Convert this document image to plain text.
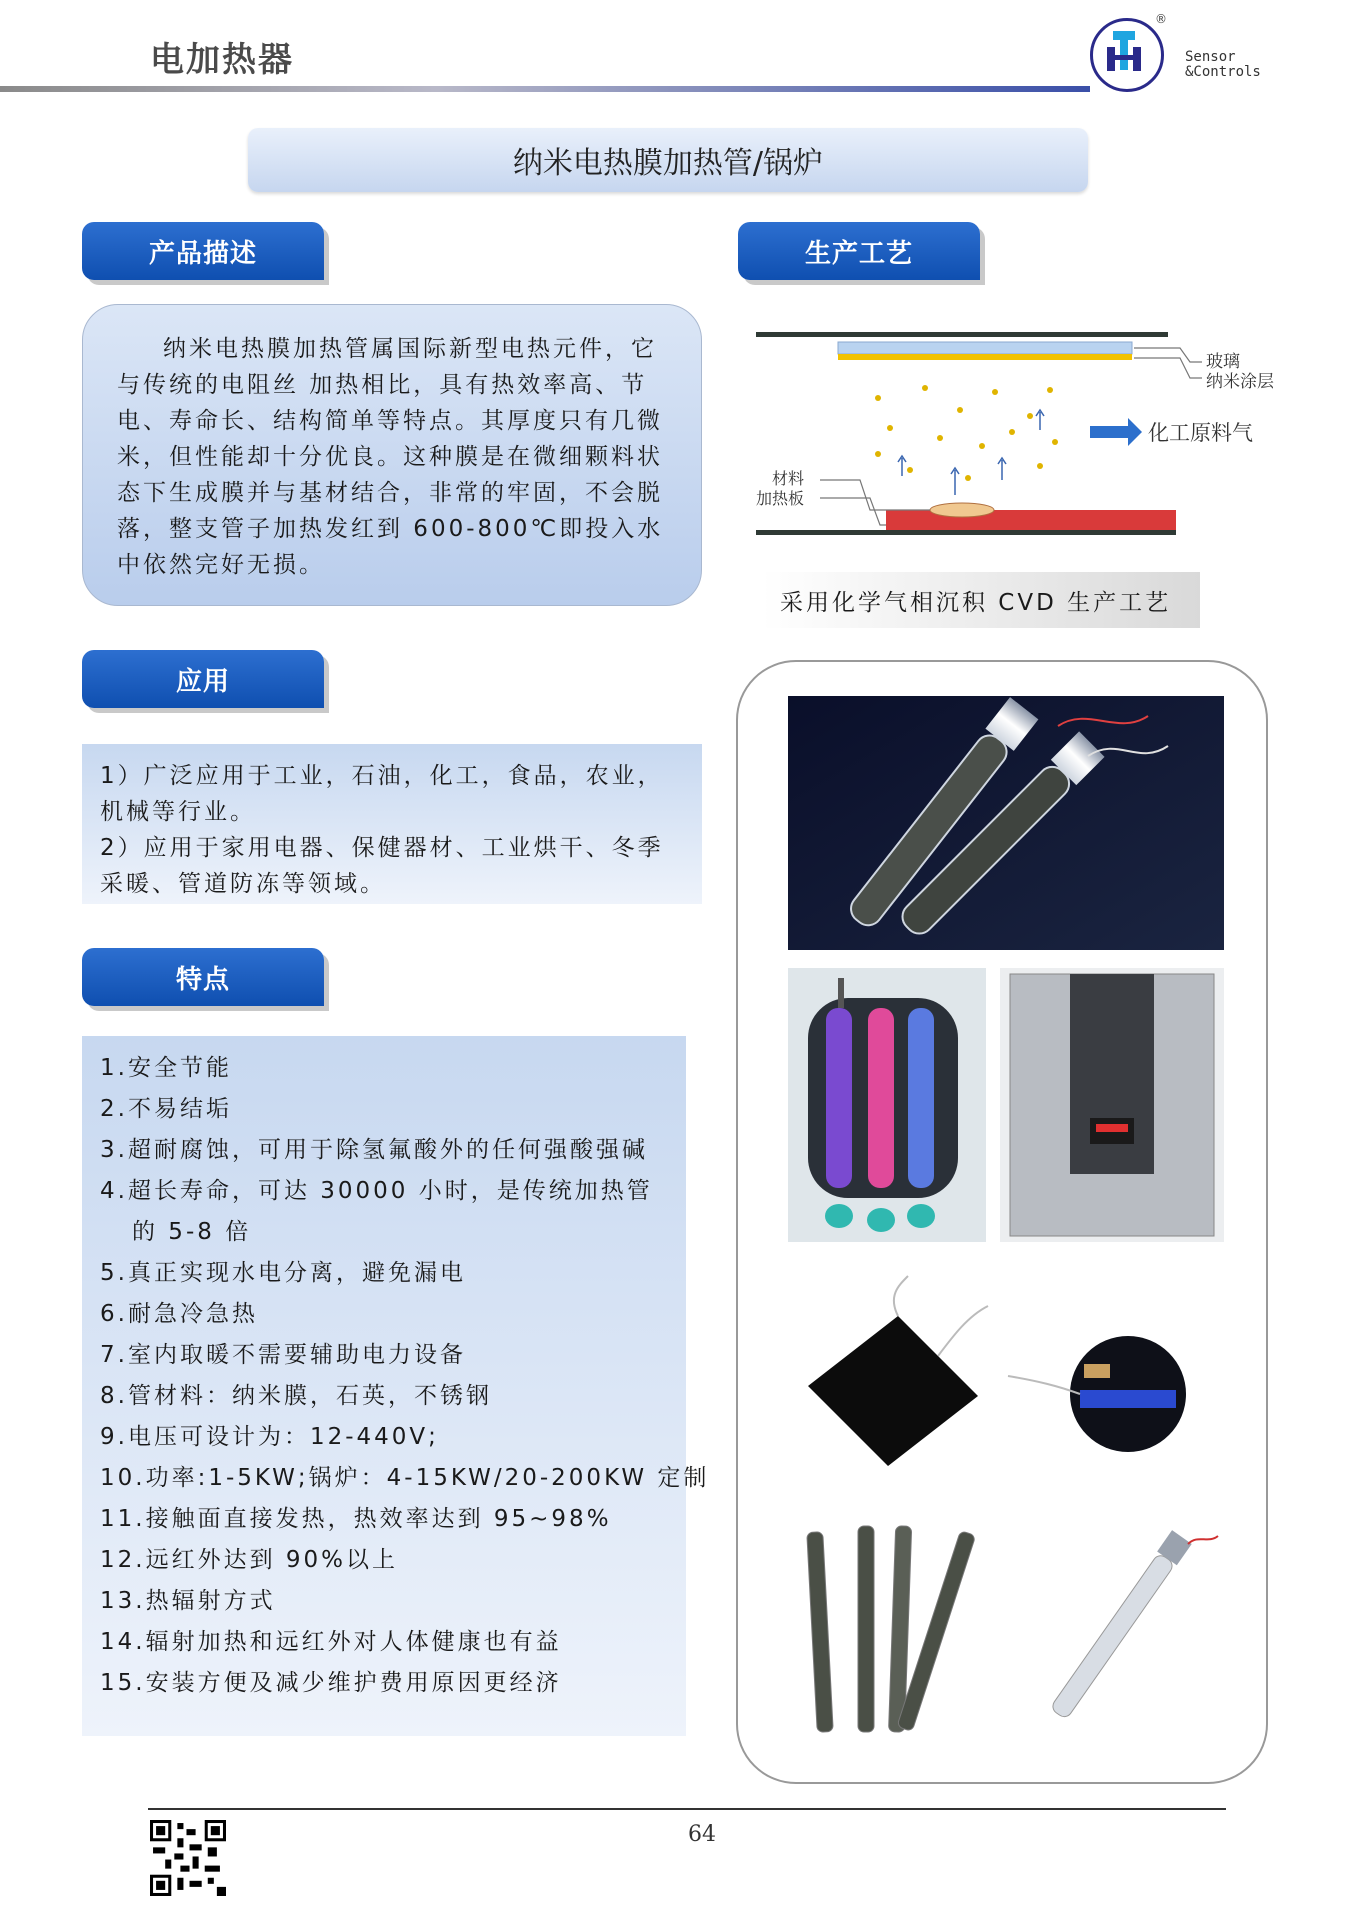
电加热器
®
Sensor
&Controls
纳米电热膜加热管/锅炉
产品描述
纳米电热膜加热管属国际新型电热元件，它与传统的电阻丝 加热相比，具有热效率高、节电、寿命长、结构简单等特点。其厚度只有几微米，但性能却十分优良。这种膜是在微细颗料状态下生成膜并与基材结合，非常的牢固，不会脱落，整支管子加热发红到 600-800℃即投入水中依然完好无损。
生产工艺
玻璃
纳米涂层
化工原料气
材料
加热板
采用化学气相沉积 CVD 生产工艺
应用
1）广泛应用于工业，石油，化工，食品，农业，
机械等行业。
2）应用于家用电器、保健器材、工业烘干、冬季
采暖、管道防冻等领域。
特点
1.安全节能
2.不易结垢
3.超耐腐蚀，可用于除氢氟酸外的任何强酸强碱
4.超长寿命，可达 30000 小时，是传统加热管
的 5-8 倍
5.真正实现水电分离，避免漏电
6.耐急冷急热
7.室内取暖不需要辅助电力设备
8.管材料：纳米膜，石英，不锈钢
9.电压可设计为：12-440V;
10.功率:1-5KW;锅炉：4-15KW/20-200KW 定制
11.接触面直接发热，热效率达到 95~98%
12.远红外达到 90%以上
13.热辐射方式
14.辐射加热和远红外对人体健康也有益
15.安装方便及减少维护费用原因更经济
64
